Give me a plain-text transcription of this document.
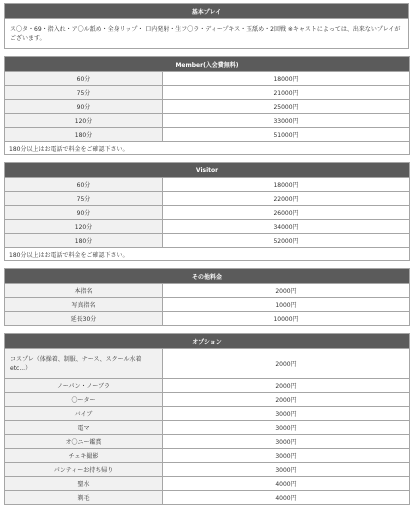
基本プレイ
ス〇タ・69・指入れ・ア〇ル舐め・全身リップ・ 口内発射・生フ〇ラ・ディープキス・玉舐め・2回戦 ※キャストによっては、出来ないプレイがございます。
Member(入会費無料)	
60分	18000円
75分	21000円
90分	25000円
120分	33000円
180分	51000円
180分以上はお電話で料金をご確認下さい。	
Visitor	
60分	18000円
75分	22000円
90分	26000円
120分	34000円
180分	52000円
180分以上はお電話で料金をご確認下さい。	
その他料金	
本指名	2000円
写真指名	1000円
延長30分	10000円
オプション	
コスプレ（体操着、制服、ナース、スクール水着etc...）	2000円
ノーパン・ノーブラ	2000円
〇ーター	2000円
バイブ	3000円
電マ	3000円
オ〇ニー鑑賞	3000円
チェキ撮影	3000円
パンティーお持ち帰り	3000円
聖水	4000円
剃毛	4000円
